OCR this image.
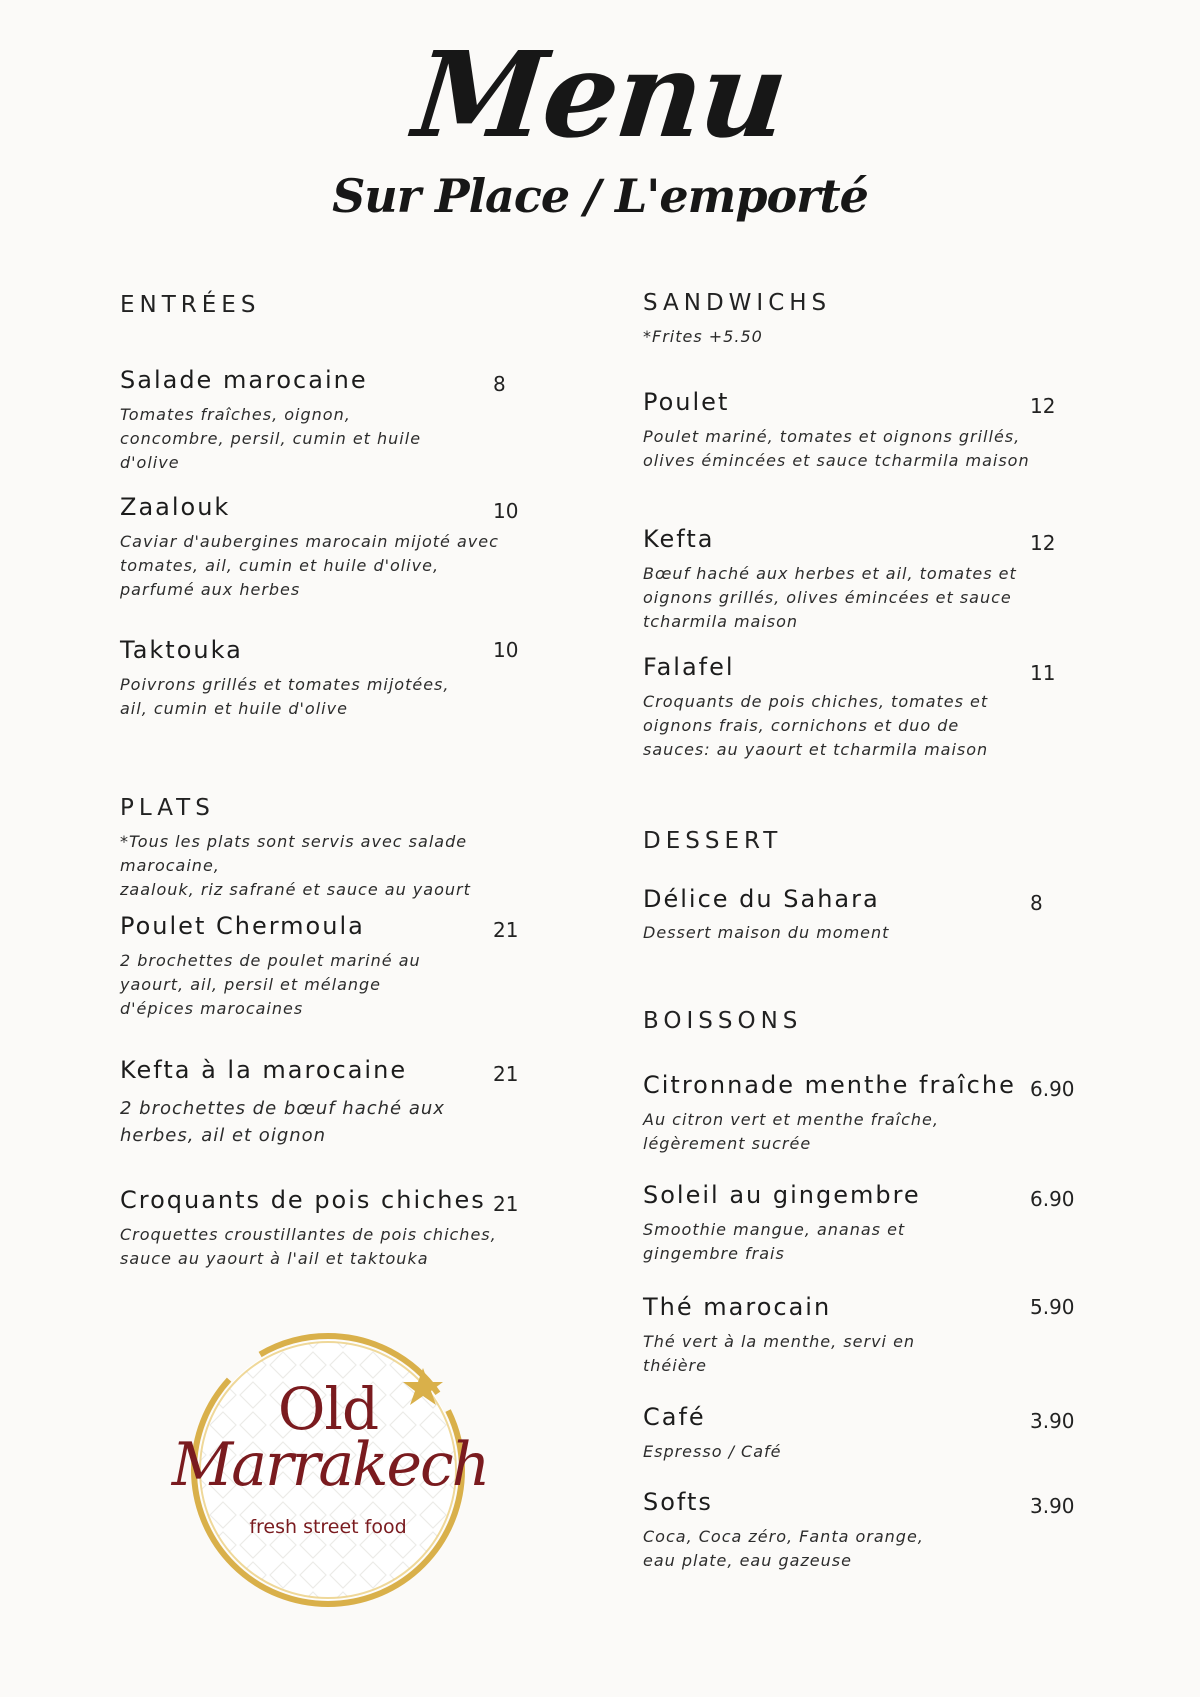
Menu
Sur Place / L'emporté
ENTRÉES
Salade marocaine	8
Tomates fraîches, oignon,
concombre, persil, cumin et huile
d'olive
Zaalouk	10
Caviar d'aubergines marocain mijoté avec
tomates, ail, cumin et huile d'olive,
parfumé aux herbes
Taktouka	10
Poivrons grillés et tomates mijotées,
ail, cumin et huile d'olive
PLATS
*Tous les plats sont servis avec salade marocaine,
zaalouk, riz safrané et sauce au yaourt
Poulet Chermoula	21
2 brochettes de poulet mariné au
yaourt, ail, persil et mélange
d'épices marocaines
Kefta à la marocaine	21
2 brochettes de bœuf haché aux
herbes, ail et oignon
Croquants de pois chiches 21
Croquettes croustillantes de pois chiches,
sauce au yaourt à l'ail et taktouka
Old
Marrakech
fresh street food
SANDWICHS
*Frites +5.50
Poulet	12
Poulet mariné, tomates et oignons grillés,
olives émincées et sauce tcharmila maison
Kefta	12
Bœuf haché aux herbes et ail, tomates et
oignons grillés, olives émincées et sauce
tcharmila maison
Falafel	11
Croquants de pois chiches, tomates et
oignons frais, cornichons et duo de
sauces: au yaourt et tcharmila maison
DESSERT
Délice du Sahara	8
Dessert maison du moment
BOISSONS
Citronnade menthe fraîche 6.90
Au citron vert et menthe fraîche,
légèrement sucrée
Soleil au gingembre	6.90
Smoothie mangue, ananas et
gingembre frais
Thé marocain	5.90
Thé vert à la menthe, servi en
théière
Café	3.90
Espresso / Café
Softs	3.90
Coca, Coca zéro, Fanta orange,
eau plate, eau gazeuse
